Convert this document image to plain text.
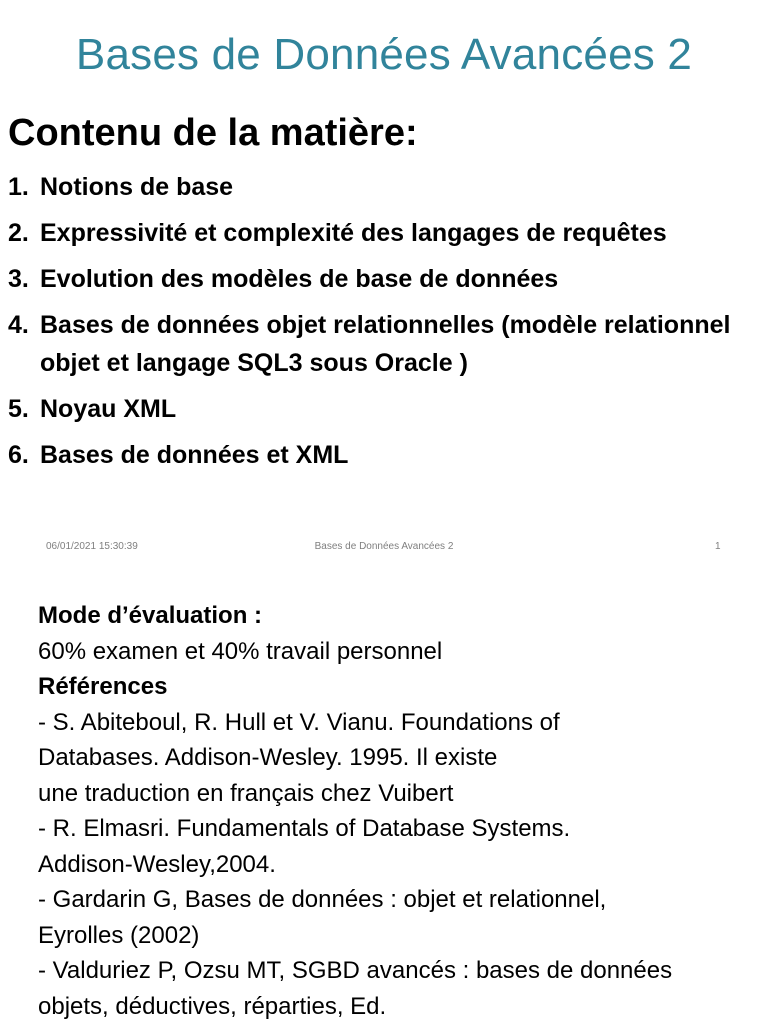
Bases de Données Avancées 2
Contenu de la matière:
1. Notions de base
2. Expressivité et complexité des langages de requêtes
3. Evolution des modèles de base de données
4. Bases de données objet relationnelles (modèle relationnel objet et langage SQL3 sous Oracle )
5. Noyau XML
6. Bases de données et XML
06/01/2021 15:30:39	Bases de Données Avancées 2	1
Mode d’évaluation :
60% examen et 40% travail personnel
Références
- S. Abiteboul, R. Hull et V. Vianu. Foundations of
Databases. Addison-Wesley. 1995. Il existe
une traduction en français chez Vuibert
- R. Elmasri. Fundamentals of Database Systems.
Addison-Wesley,2004.
- Gardarin G, Bases de données : objet et relationnel,
Eyrolles (2002)
- Valduriez P, Ozsu MT, SGBD avancés : bases de données
objets, déductives, réparties, Ed.
